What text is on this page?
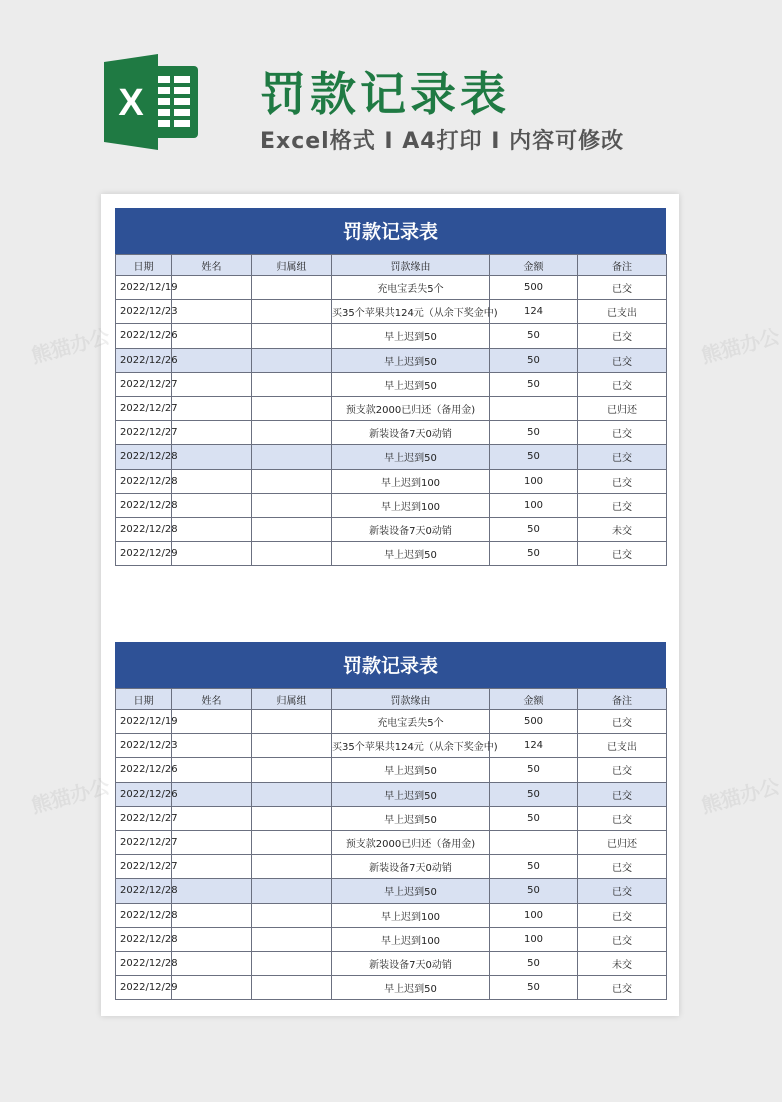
X	罚款记录表
Excel格式 I A4打印 I 内容可修改
罚款记录表
日期	姓名	归属组	罚款缘由	金额	备注
2022/12/19			充电宝丢失5个	500	已交
2022/12/23			买35个苹果共124元（从余下奖金中)	124	已支出
2022/12/26			早上迟到50	50	已交
2022/12/26			早上迟到50	50	已交
2022/12/27			早上迟到50	50	已交
2022/12/27			预支款2000已归还（备用金)		已归还
2022/12/27			新装设备7天0动销	50	已交
2022/12/28			早上迟到50	50	已交
2022/12/28			早上迟到100	100	已交
2022/12/28			早上迟到100	100	已交
2022/12/28			新装设备7天0动销	50	未交
2022/12/29			早上迟到50	50	已交
罚款记录表
日期	姓名	归属组	罚款缘由	金额	备注
2022/12/19			充电宝丢失5个	500	已交
2022/12/23			买35个苹果共124元（从余下奖金中)	124	已支出
2022/12/26			早上迟到50	50	已交
2022/12/26			早上迟到50	50	已交
2022/12/27			早上迟到50	50	已交
2022/12/27			预支款2000已归还（备用金)		已归还
2022/12/27			新装设备7天0动销	50	已交
2022/12/28			早上迟到50	50	已交
2022/12/28			早上迟到100	100	已交
2022/12/28			早上迟到100	100	已交
2022/12/28			新装设备7天0动销	50	未交
2022/12/29			早上迟到50	50	已交
熊猫办公	熊猫办公
熊猫办公	熊猫办公
